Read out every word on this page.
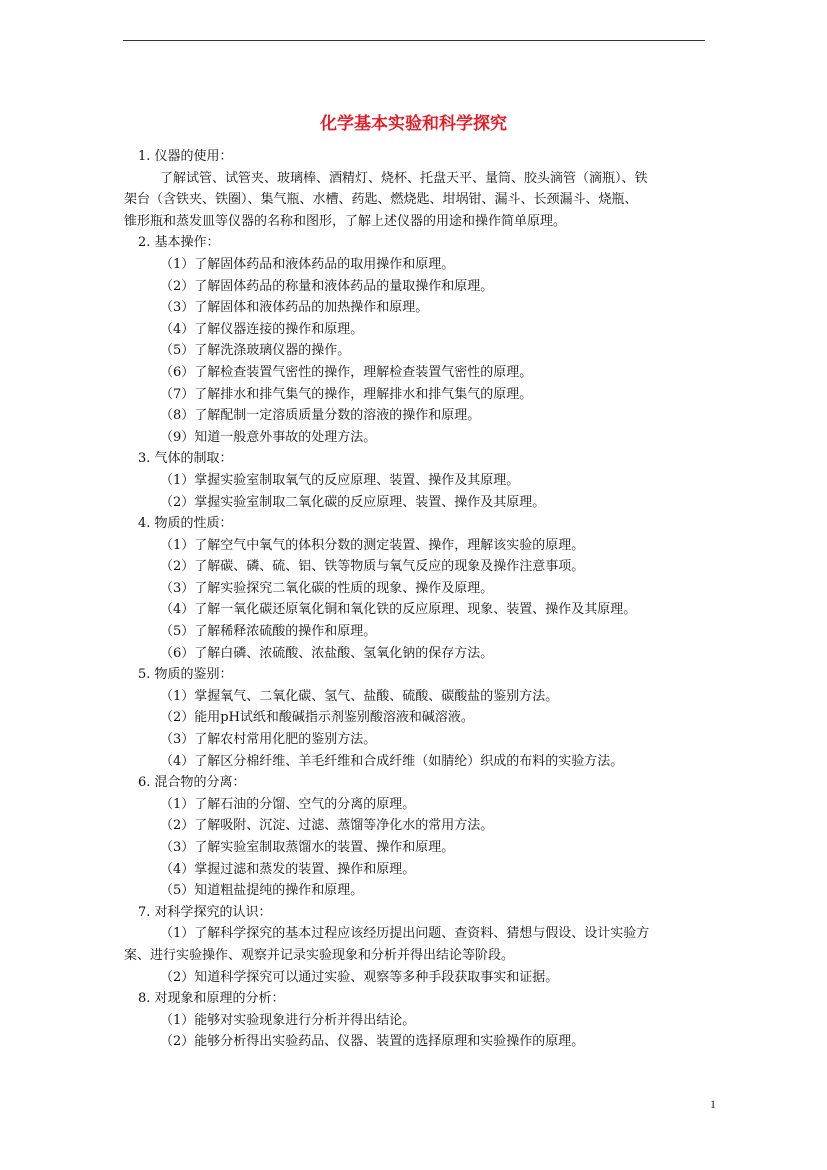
化学基本实验和科学探究
1. 仪器的使用：
了解试管、试管夹、玻璃棒、酒精灯、烧杯、托盘天平、量筒、胶头滴管（滴瓶）、铁
架台（含铁夹、铁圈）、集气瓶、水槽、药匙、燃烧匙、坩埚钳、漏斗、长颈漏斗、烧瓶、
锥形瓶和蒸发皿等仪器的名称和图形，了解上述仪器的用途和操作简单原理。
2. 基本操作：
（1）了解固体药品和液体药品的取用操作和原理。
（2）了解固体药品的称量和液体药品的量取操作和原理。
（3）了解固体和液体药品的加热操作和原理。
（4）了解仪器连接的操作和原理。
（5）了解洗涤玻璃仪器的操作。
（6）了解检查装置气密性的操作，理解检查装置气密性的原理。
（7）了解排水和排气集气的操作，理解排水和排气集气的原理。
（8）了解配制一定溶质质量分数的溶液的操作和原理。
（9）知道一般意外事故的处理方法。
3. 气体的制取：
（1）掌握实验室制取氧气的反应原理、装置、操作及其原理。
（2）掌握实验室制取二氧化碳的反应原理、装置、操作及其原理。
4. 物质的性质：
（1）了解空气中氧气的体积分数的测定装置、操作，理解该实验的原理。
（2）了解碳、磷、硫、铝、铁等物质与氧气反应的现象及操作注意事项。
（3）了解实验探究二氧化碳的性质的现象、操作及原理。
（4）了解一氧化碳还原氧化铜和氧化铁的反应原理、现象、装置、操作及其原理。
（5）了解稀释浓硫酸的操作和原理。
（6）了解白磷、浓硫酸、浓盐酸、氢氧化钠的保存方法。
5. 物质的鉴别：
（1）掌握氧气、二氧化碳、氢气、盐酸、硫酸、碳酸盐的鉴别方法。
（2）能用pH试纸和酸碱指示剂鉴别酸溶液和碱溶液。
（3）了解农村常用化肥的鉴别方法。
（4）了解区分棉纤维、羊毛纤维和合成纤维（如腈纶）织成的布料的实验方法。
6. 混合物的分离：
（1）了解石油的分馏、空气的分离的原理。
（2）了解吸附、沉淀、过滤、蒸馏等净化水的常用方法。
（3）了解实验室制取蒸馏水的装置、操作和原理。
（4）掌握过滤和蒸发的装置、操作和原理。
（5）知道粗盐提纯的操作和原理。
7. 对科学探究的认识：
（1）了解科学探究的基本过程应该经历提出问题、查资料、猜想与假设、设计实验方
案、进行实验操作、观察并记录实验现象和分析并得出结论等阶段。
（2）知道科学探究可以通过实验、观察等多种手段获取事实和证据。
8. 对现象和原理的分析：
（1）能够对实验现象进行分析并得出结论。
（2）能够分析得出实验药品、仪器、装置的选择原理和实验操作的原理。
1
